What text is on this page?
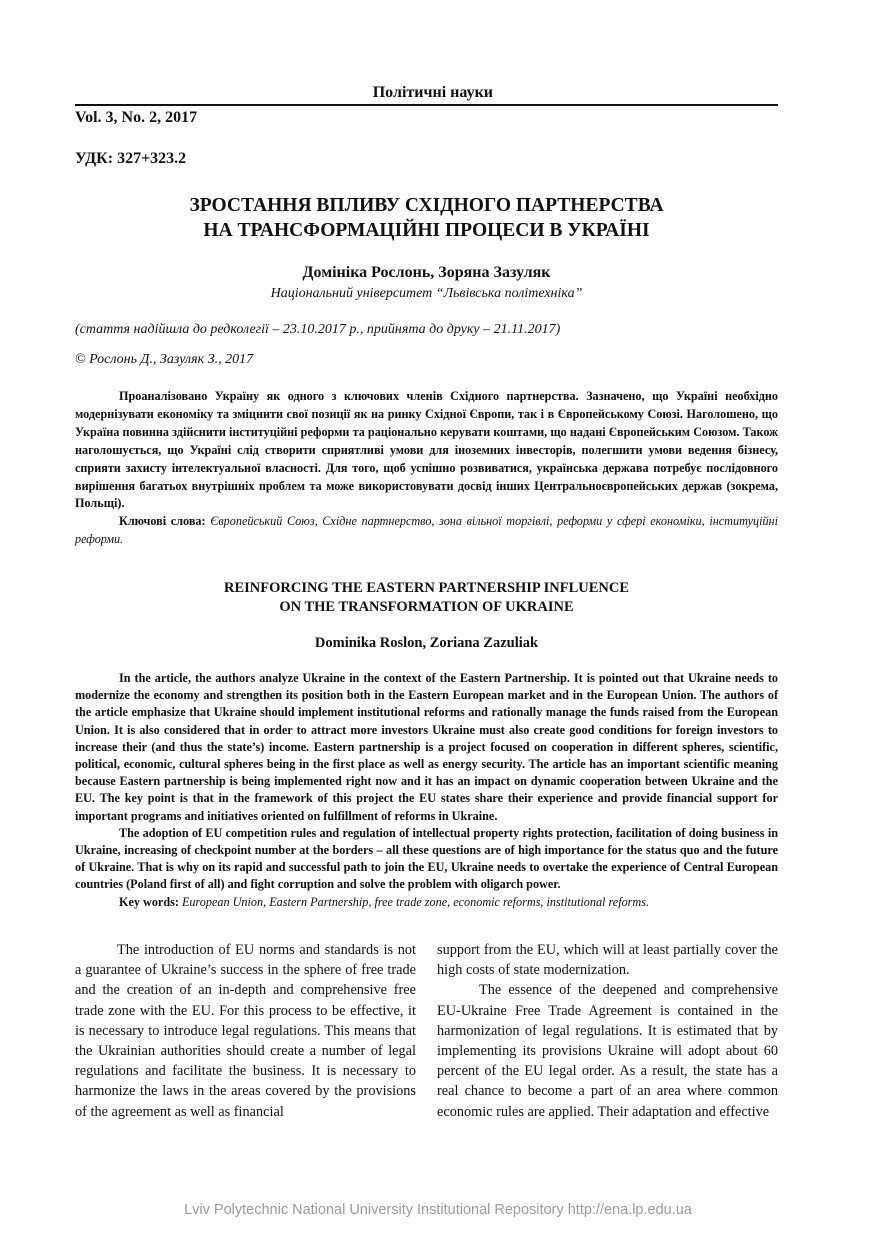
Політичні науки
Vol. 3, No. 2, 2017
УДК: 327+323.2
ЗРОСТАННЯ ВПЛИВУ СХІДНОГО ПАРТНЕРСТВА
НА ТРАНСФОРМАЦІЙНІ ПРОЦЕСИ В УКРАЇНІ
Домініка Рослонь, Зоряна Зазуляк
Національний університет “Львівська політехніка”
(стаття надійшла до редколегії – 23.10.2017 р., прийнята до друку – 21.11.2017)
© Рослонь Д., Зазуляк З., 2017

Проаналізовано Україну як одного з ключових членів Східного партнерства. Зазначено, що Україні необхідно модернізувати економіку та зміцнити свої позиції як на ринку Східної Європи, так і в Європейському Союзі. Наголошено, що Україна повинна здійснити інституційні реформи та раціонально керувати коштами, що надані Європейським Союзом. Також наголошується, що Україні слід створити сприятливі умови для іноземних інвесторів, полегшити умови ведення бізнесу, сприяти захисту інтелектуальної власності. Для того, щоб успішно розвиватися, українська держава потребує послідовного вирішення багатьох внутрішніх проблем та може використовувати досвід інших Центральноєвропейських держав (зокрема, Польщі).

Ключові слова: Європейський Союз, Східне партнерство, зона вільної торгівлі, реформи у сфері економіки, інституційні реформи.

REINFORCING THE EASTERN PARTNERSHIP INFLUENCE
ON THE TRANSFORMATION OF UKRAINE
Dominika Roslon, Zoriana Zazuliak

In the article, the authors analyze Ukraine in the context of the Eastern Partnership. It is pointed out that Ukraine needs to modernize the economy and strengthen its position both in the Eastern European market and in the European Union. The authors of the article emphasize that Ukraine should implement institutional reforms and rationally manage the funds raised from the European Union. It is also considered that in order to attract more investors Ukraine must also create good conditions for foreign investors to increase their (and thus the state’s) income. Eastern partnership is a project focused on cooperation in different spheres, scientific, political, economic, cultural spheres being in the first place as well as energy security. The article has an important scientific meaning because Eastern partnership is being implemented right now and it has an impact on dynamic cooperation between Ukraine and the EU. The key point is that in the framework of this project the EU states share their experience and provide financial support for important programs and initiatives oriented on fulfillment of reforms in Ukraine.

The adoption of EU competition rules and regulation of intellectual property rights protection, facilitation of doing business in Ukraine, increasing of checkpoint number at the borders – all these questions are of high importance for the status quo and the future of Ukraine. That is why on its rapid and successful path to join the EU, Ukraine needs to overtake the experience of Central European countries (Poland first of all) and fight corruption and solve the problem with oligarch power.

Key words: European Union, Eastern Partnership, free trade zone, economic reforms, institutional reforms.

The introduction of EU norms and standards is not a guarantee of Ukraine’s success in the sphere of free trade and the creation of an in-depth and comprehensive free trade zone with the EU. For this process to be effective, it is necessary to introduce legal regulations. This means that the Ukrainian authorities should create a number of legal regulations and facilitate the business. It is necessary to harmonize the laws in the areas covered by the provisions of the agreement as well as financial

support from the EU, which will at least partially cover the high costs of state modernization.

The essence of the deepened and comprehensive EU-Ukraine Free Trade Agreement is contained in the harmonization of legal regulations. It is estimated that by implementing its provisions Ukraine will adopt about 60 percent of the EU legal order. As a result, the state has a real chance to become a part of an area where common economic rules are applied. Their adaptation and effective

Lviv Polytechnic National University Institutional Repository http://ena.lp.edu.ua
